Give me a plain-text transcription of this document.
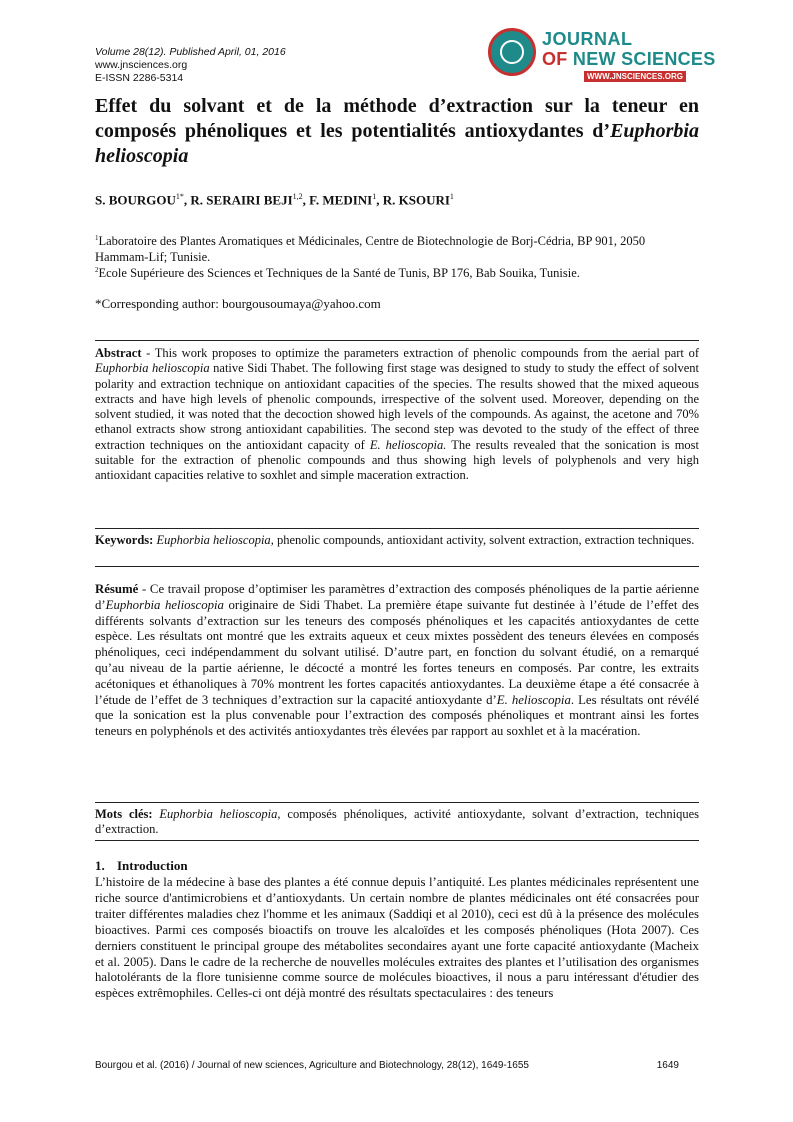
Volume 28(12). Published April, 01, 2016
www.jnsciences.org
E-ISSN 2286-5314
JOURNAL
OF NEW SCIENCES
WWW.JNSCIENCES.ORG
Effet du solvant et de la méthode d’extraction sur la teneur en composés phénoliques et les potentialités antioxydantes d’Euphorbia helioscopia
S. $BOURGOU^{1*}$, R. SERAIRI BEJI$^{1,2}$, F. MEDINI$^1$, R. KSOURI$^1$
$^1$Laboratoire des Plantes Aromatiques et Médicinales, Centre de Biotechnologie de Borj-Cédria, BP 901, 2050 Hammam-Lif; Tunisie.
$^2$Ecole Supérieure des Sciences et Techniques de la Santé de Tunis, BP 176, Bab Souika, Tunisie.
*Corresponding author: bourgousoumaya@yahoo.com
Abstract - This work proposes to optimize the parameters extraction of phenolic compounds from the aerial part of Euphorbia helioscopia native Sidi Thabet. The following first stage was designed to study to study the effect of solvent polarity and extraction technique on antioxidant capacities of the species. The results showed that the mixed aqueous extracts and have high levels of phenolic compounds, irrespective of the solvent used. Moreover, depending on the solvent studied, it was noted that the decoction showed high levels of the compounds. As against, the acetone and 70% ethanol extracts show strong antioxidant capabilities. The second step was devoted to the study of the effect of three extraction techniques on the antioxidant capacity of E. helioscopia. The results revealed that the sonication is most suitable for the extraction of phenolic compounds and thus showing high levels of polyphenols and very high antioxidant capacities relative to soxhlet and simple maceration extraction.
Keywords: Euphorbia helioscopia, phenolic compounds, antioxidant activity, solvent extraction, extraction techniques.
Résumé - Ce travail propose d’optimiser les paramètres d’extraction des composés phénoliques de la partie aérienne d’Euphorbia helioscopia originaire de Sidi Thabet. La première étape suivante fut destinée à l’étude de l’effet des différents solvants d’extraction sur les teneurs des composés phénoliques et les capacités antioxydantes de cette espèce. Les résultats ont montré que les extraits aqueux et ceux mixtes possèdent des teneurs élevées en composés phénoliques, ceci indépendamment du solvant utilisé. D’autre part, en fonction du solvant étudié, on a remarqué qu’au niveau de la partie aérienne, le décocté a montré les fortes teneurs en composés. Par contre, les extraits acétoniques et éthanoliques à 70% montrent les fortes capacités antioxydantes. La deuxième étape a été consacrée à l’étude de l’effet de 3 techniques d’extraction sur la capacité antioxydante d’E. helioscopia. Les résultats ont révélé que la sonication est la plus convenable pour l’extraction des composés phénoliques et montrant ainsi les fortes teneurs en polyphénols et des activités antioxydantes très élevées par rapport au soxhlet et à la macération.
Mots clés: Euphorbia helioscopia, composés phénoliques, activité antioxydante, solvant d’extraction, techniques d’extraction.
1. Introduction
L’histoire de la médecine à base des plantes a été connue depuis l’antiquité. Les plantes médicinales représentent une riche source d'antimicrobiens et d’antioxydants. Un certain nombre de plantes médicinales ont été consacrées pour traiter différentes maladies chez l'homme et les animaux (Saddiqi et al 2010), ceci est dû à la présence des molécules bioactives. Parmi ces composés bioactifs on trouve les alcaloïdes et les composés phénoliques (Hota 2007). Ces derniers constituent le principal groupe des métabolites secondaires ayant une forte capacité antioxydante (Macheix et al. 2005). Dans le cadre de la recherche de nouvelles molécules extraites des plantes et l’utilisation des organismes halotolérants de la flore tunisienne comme source de molécules bioactives, il nous a paru intéressant d'étudier des espèces extrêmophiles. Celles-ci ont déjà montré des résultats spectaculaires : des teneurs
Bourgou et al. (2016) / Journal of new sciences, Agriculture and Biotechnology, 28(12), 1649-1655	1649
